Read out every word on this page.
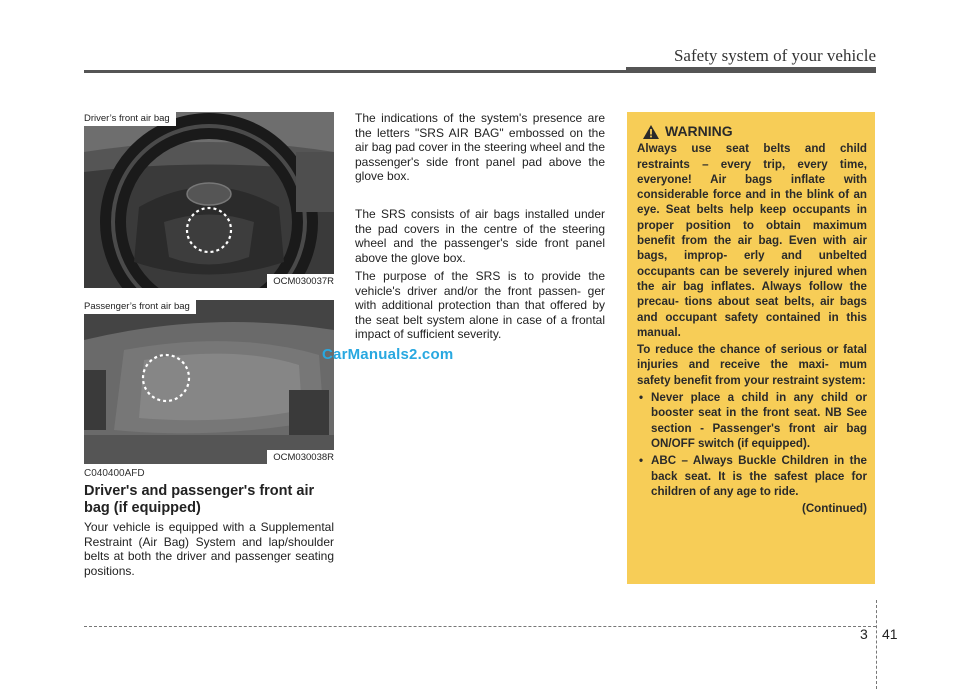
Safety system of your vehicle
Driver’s front air bag
OCM030037R
Passenger’s front air bag
OCM030038R
CarManuals2.com
C040400AFD
Driver's and passenger's front air bag (if equipped)
Your vehicle is equipped with a Supplemental Restraint (Air Bag) System and lap/shoulder belts at both the driver and passenger seating positions.
The indications of the system's presence are the letters "SRS AIR BAG" embossed on the air bag pad cover in the steering wheel and the passenger's side front panel pad above the glove box.
The SRS consists of air bags installed under the pad covers in the centre of the steering wheel and the passenger's side front panel above the glove box.
The purpose of the SRS is to provide the vehicle's driver and/or the front passen- ger with additional protection than that offered by the seat belt system alone in case of a frontal impact of sufficient severity.
WARNING
Always use seat belts and child restraints – every trip, every time, everyone! Air bags inflate with considerable force and in the blink of an eye. Seat belts help keep occupants in proper position to obtain maximum benefit from the air bag. Even with air bags, improp- erly and unbelted occupants can be severely injured when the air bag inflates. Always follow the precau- tions about seat belts, air bags and occupant safety contained in this manual.
To reduce the chance of serious or fatal injuries and receive the maxi- mum safety benefit from your restraint system:
• Never place a child in any child or booster seat in the front seat. NB See section - Passenger's front air bag ON/OFF switch (if equipped).
• ABC – Always Buckle Children in the back seat. It is the safest place for children of any age to ride.
(Continued)
3 41
